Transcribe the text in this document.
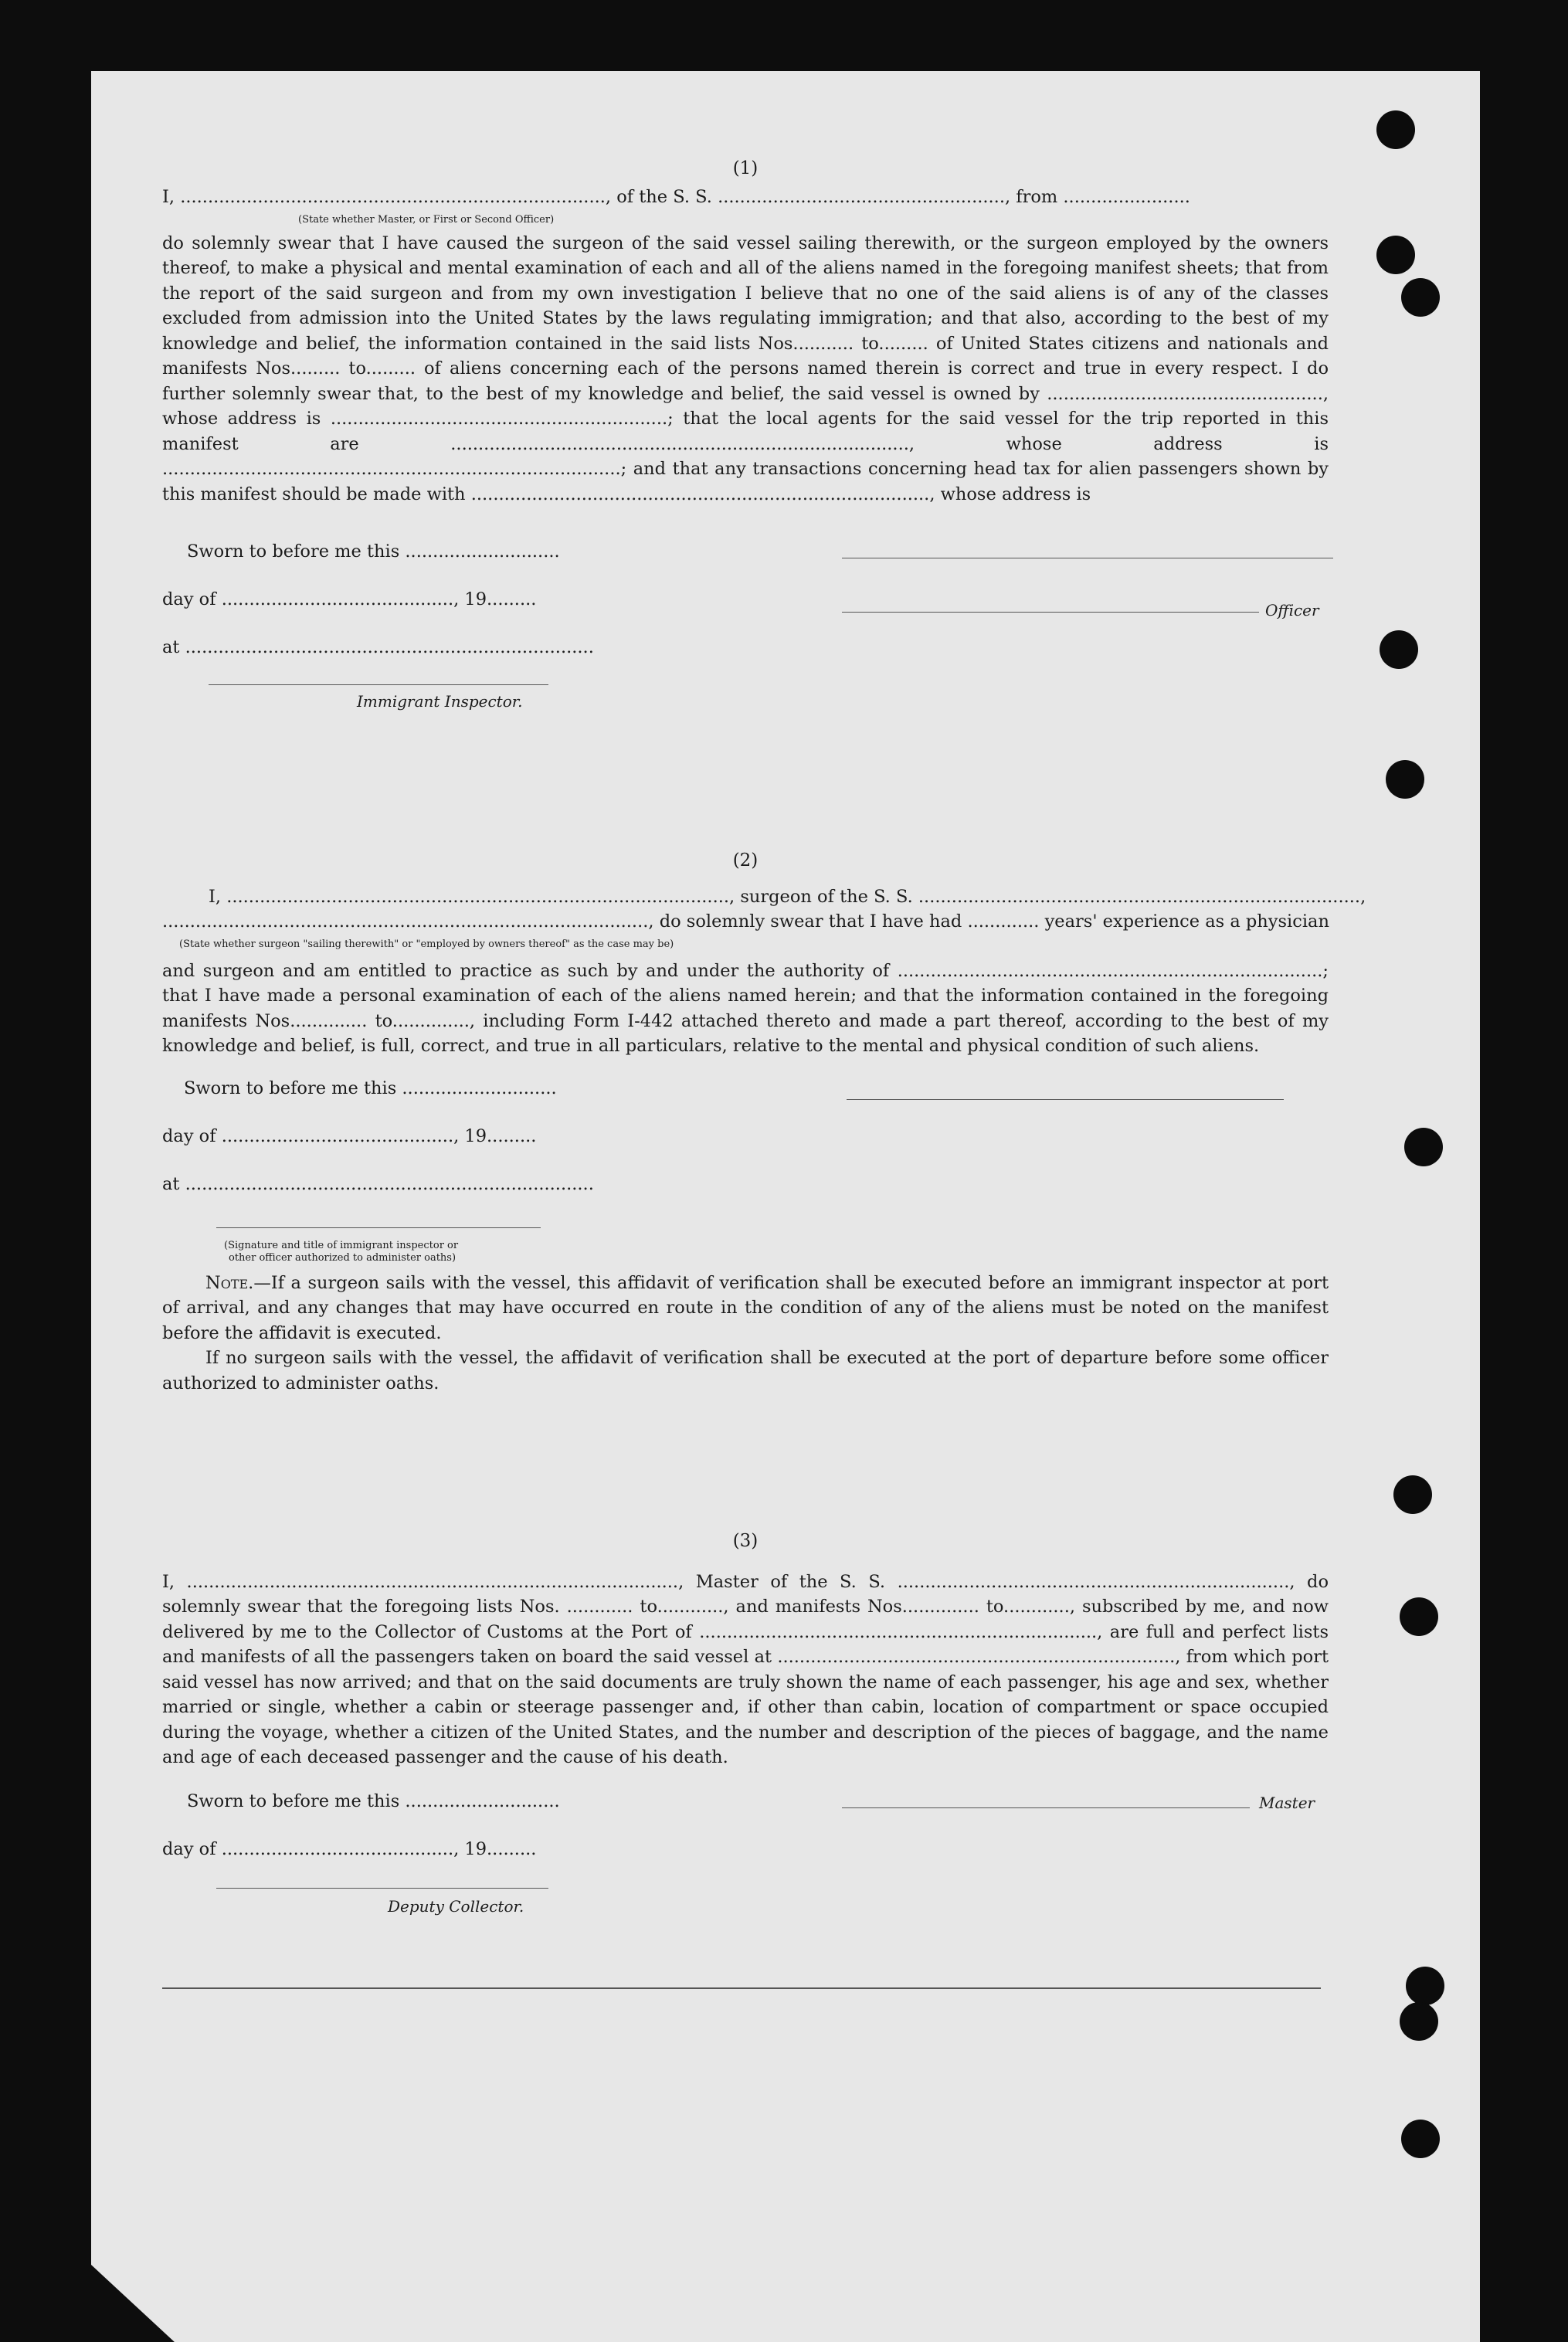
(1)
I, ............................................................................., of the S. S. ...................................................., from .......................
(State whether Master, or First or Second Officer)

do solemnly swear that I have caused the surgeon of the said vessel sailing therewith, or the surgeon employed by the owners thereof, to make a physical and mental examination of each and all of the aliens named in the foregoing manifest sheets; that from the report of the said surgeon and from my own investigation I believe that no one of the said aliens is of any of the classes excluded from admission into the United States by the laws regulating immigration; and that also, according to the best of my knowledge and belief, the information contained in the said lists Nos........... to......... of United States citizens and nationals and manifests Nos......... to......... of aliens concerning each of the persons named therein is correct and true in every respect. I do further solemnly swear that, to the best of my knowledge and belief, the said vessel is owned by .................................................., whose address is .............................................................; that the local agents for the said vessel for the trip reported in this manifest are ..................................................................................., whose address is ...................................................................................; and that any transactions concerning head tax for alien passengers shown by this manifest should be made with ..................................................................................., whose address is

Sworn to before me this ............................
day of .........................................., 19.........
at ..........................................................................
Immigrant Inspector.
Officer
(2)
I, ..........................................................................................., surgeon of the S. S. ................................................................................,
........................................................................................, do solemnly swear that I have had ............. years' experience as a physician
(State whether surgeon "sailing therewith" or "employed by owners thereof" as the case may be)

and surgeon and am entitled to practice as such by and under the authority of .............................................................................; that I have made a personal examination of each of the aliens named herein; and that the information contained in the foregoing manifests Nos.............. to.............., including Form I-442 attached thereto and made a part thereof, according to the best of my knowledge and belief, is full, correct, and true in all particulars, relative to the mental and physical condition of such aliens.

Sworn to before me this ............................
day of .........................................., 19.........
at ..........................................................................
(Signature and title of immigrant inspector or
other officer authorized to administer oaths)

Note.—If a surgeon sails with the vessel, this affidavit of verification shall be executed before an immigrant inspector at port of arrival, and any changes that may have occurred en route in the condition of any of the aliens must be noted on the manifest before the affidavit is executed.

If no surgeon sails with the vessel, the affidavit of verification shall be executed at the port of departure before some officer authorized to administer oaths.

(3)

I, ........................................................................................., Master of the S. S. ......................................................................., do solemnly swear that the foregoing lists Nos. ............ to............, and manifests Nos.............. to............, subscribed by me, and now delivered by me to the Collector of Customs at the Port of ........................................................................, are full and perfect lists and manifests of all the passengers taken on board the said vessel at ........................................................................, from which port said vessel has now arrived; and that on the said documents are truly shown the name of each passenger, his age and sex, whether married or single, whether a cabin or steerage passenger and, if other than cabin, location of compartment or space occupied during the voyage, whether a citizen of the United States, and the number and description of the pieces of baggage, and the name and age of each deceased passenger and the cause of his death.

Sworn to before me this ............................	Master
day of .........................................., 19.........
Deputy Collector.
